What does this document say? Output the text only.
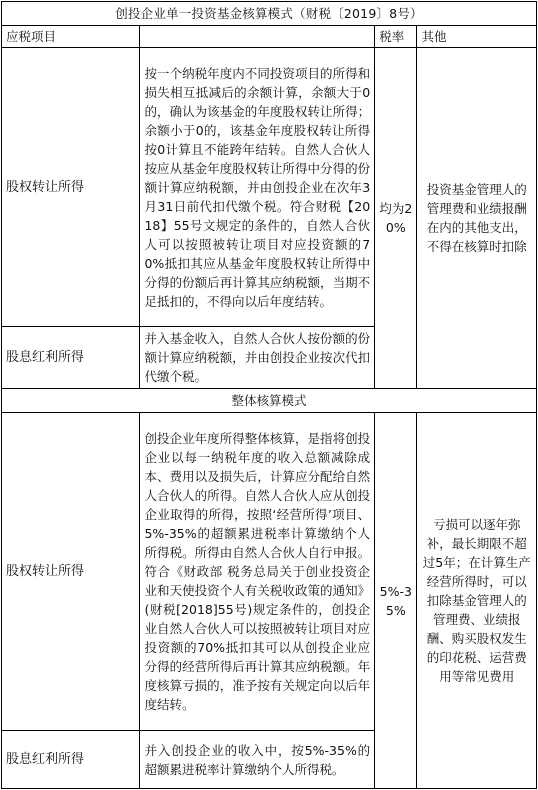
创投企业单一投资基金核算模式（财税〔2019〕8号）			
应税项目		税率	其他
股权转让所得	按一个纳税年度内不同投资项目的所得和损失相互抵减后的余额计算，余额大于0的，确认为该基金的年度股权转让所得；余额小于0的，该基金年度股权转让所得按0计算且不能跨年结转。自然人合伙人按应从基金年度股权转让所得中分得的份额计算应纳税额，并由创投企业在次年3月31日前代扣代缴个税。符合财税【2018】55号文规定的条件的，自然人合伙人可以按照被转让项目对应投资额的70%抵扣其应从基金年度股权转让所得中分得的份额后再计算其应纳税额，当期不足抵扣的，不得向以后年度结转。	均为20%	投资基金管理人的管理费和业绩报酬在内的其他支出，不得在核算时扣除
股息红利所得	并入基金收入，自然人合伙人按份额的份额计算应纳税额，并由创投企业按次代扣代缴个税。		
整体核算模式			
股权转让所得	创投企业年度所得整体核算，是指将创投企业以每一纳税年度的收入总额减除成本、费用以及损失后，计算应分配给自然人合伙人的所得。自然人合伙人应从创投企业取得的所得，按照‘经营所得’项目、5%-35%的超额累进税率计算缴纳个人所得税。所得由自然人合伙人自行申报。符合《财政部 税务总局关于创业投资企业和天使投资个人有关税收政策的通知》(财税[2018]55号)规定条件的，创投企业自然人合伙人可以按照被转让项目对应投资额的70%抵扣其可以从创投企业应分得的经营所得后再计算其应纳税额。年度核算亏损的，准予按有关规定向以后年度结转。	5%-35%	亏损可以逐年弥补，最长期限不超过5年；在计算生产经营所得时，可以扣除基金管理人的管理费、业绩报酬、购买股权发生的印花税、运营费用等常见费用
股息红利所得	并入创投企业的收入中，按5%-35%的超额累进税率计算缴纳个人所得税。		
